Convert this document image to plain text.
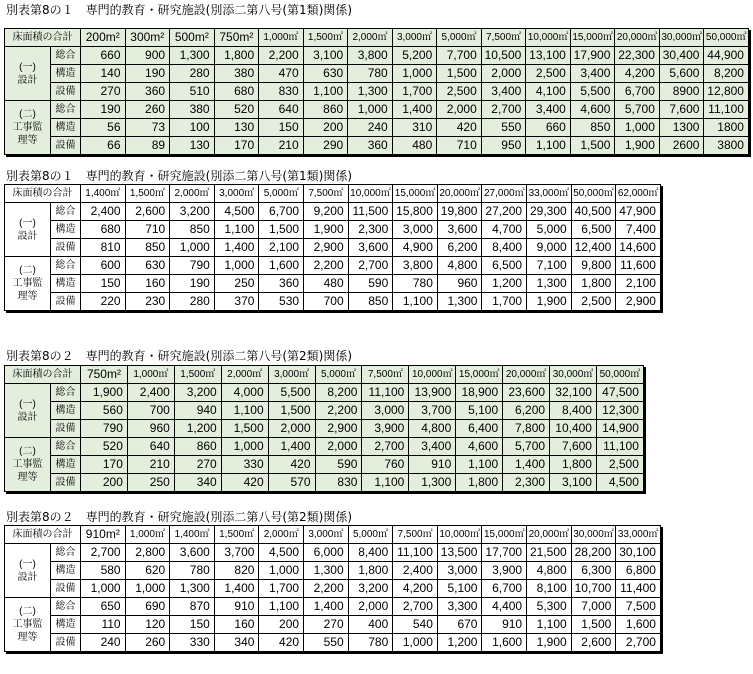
別表第8の１　専門的教育・研究施設(別添二第八号(第1類)関係)
床面積の合計		200m²	300m²	500m²	750m²	1,000㎡	1,500㎡	2,000㎡	3,000㎡	5,000㎡	7,500㎡	10,000㎡	15,000㎡	20,000㎡	30,000㎡	50,000㎡
(一)
設計	総合	660	900	1,300	1,800	2,200	3,100	3,800	5,200	7,700	10,500	13,100	17,900	22,300	30,400	44,900
	構造	140	190	280	380	470	630	780	1,000	1,500	2,000	2,500	3,400	4,200	5,600	8,200
	設備	270	360	510	680	830	1,100	1,300	1,700	2,500	3,400	4,100	5,500	6,700	8900	12,800
(二)
工事監
理等	総合	190	260	380	520	640	860	1,000	1,400	2,000	2,700	3,400	4,600	5,700	7,600	11,100
	構造	56	73	100	130	150	200	240	310	420	550	660	850	1,000	1300	1800
	設備	66	89	130	170	210	290	360	480	710	950	1,100	1,500	1,900	2600	3800
別表第8の１　専門的教育・研究施設(別添二第八号(第1類)関係)
床面積の合計		1,400㎡	1,500㎡	2,000㎡	3,000㎡	5,000㎡	7,500㎡	10,000㎡	15,000㎡	20,000㎡	27,000㎡	33,000㎡	50,000㎡	62,000㎡
(一)
設計	総合	2,400	2,600	3,200	4,500	6,700	9,200	11,500	15,800	19,800	27,200	29,300	40,500	47,900
	構造	680	710	850	1,100	1,500	1,900	2,300	3,000	3,600	4,700	5,000	6,500	7,400
	設備	810	850	1,000	1,400	2,100	2,900	3,600	4,900	6,200	8,400	9,000	12,400	14,600
(二)
工事監
理等	総合	600	630	790	1,000	1,600	2,200	2,700	3,800	4,800	6,500	7,100	9,800	11,600
	構造	150	160	190	250	360	480	590	780	960	1,200	1,300	1,800	2,100
	設備	220	230	280	370	530	700	850	1,100	1,300	1,700	1,900	2,500	2,900
別表第8の２　専門的教育・研究施設(別添二第八号(第2類)関係)
床面積の合計		750m²	1,000㎡	1,500㎡	2,000㎡	3,000㎡	5,000㎡	7,500㎡	10,000㎡	15,000㎡	20,000㎡	30,000㎡	50,000㎡
(一)
設計	総合	1,900	2,400	3,200	4,000	5,500	8,200	11,100	13,900	18,900	23,600	32,100	47,500
	構造	560	700	940	1,100	1,500	2,200	3,000	3,700	5,100	6,200	8,400	12,300
	設備	790	960	1,200	1,500	2,000	2,900	3,900	4,800	6,400	7,800	10,400	14,900
(二)
工事監
理等	総合	520	640	860	1,000	1,400	2,000	2,700	3,400	4,600	5,700	7,600	11,100
	構造	170	210	270	330	420	590	760	910	1,100	1,400	1,800	2,500
	設備	200	250	340	420	570	830	1,100	1,300	1,800	2,300	3,100	4,500
別表第8の２　専門的教育・研究施設(別添二第八号(第2類)関係)
床面積の合計		910m²	1,000㎡	1,400㎡	1,500㎡	2,000㎡	3,000㎡	5,000㎡	7,500㎡	10,000㎡	15,000㎡	20,000㎡	30,000㎡	33,000㎡
(一)
設計	総合	2,700	2,800	3,600	3,700	4,500	6,000	8,400	11,100	13,500	17,700	21,500	28,200	30,100
	構造	580	620	780	820	1,000	1,300	1,800	2,400	3,000	3,900	4,800	6,300	6,800
	設備	1,000	1,000	1,300	1,400	1,700	2,200	3,200	4,200	5,100	6,700	8,100	10,700	11,400
(二)
工事監
理等	総合	650	690	870	910	1,100	1,400	2,000	2,700	3,300	4,400	5,300	7,000	7,500
	構造	110	120	150	160	200	270	400	540	670	910	1,100	1,500	1,600
	設備	240	260	330	340	420	550	780	1,000	1,200	1,600	1,900	2,600	2,700
